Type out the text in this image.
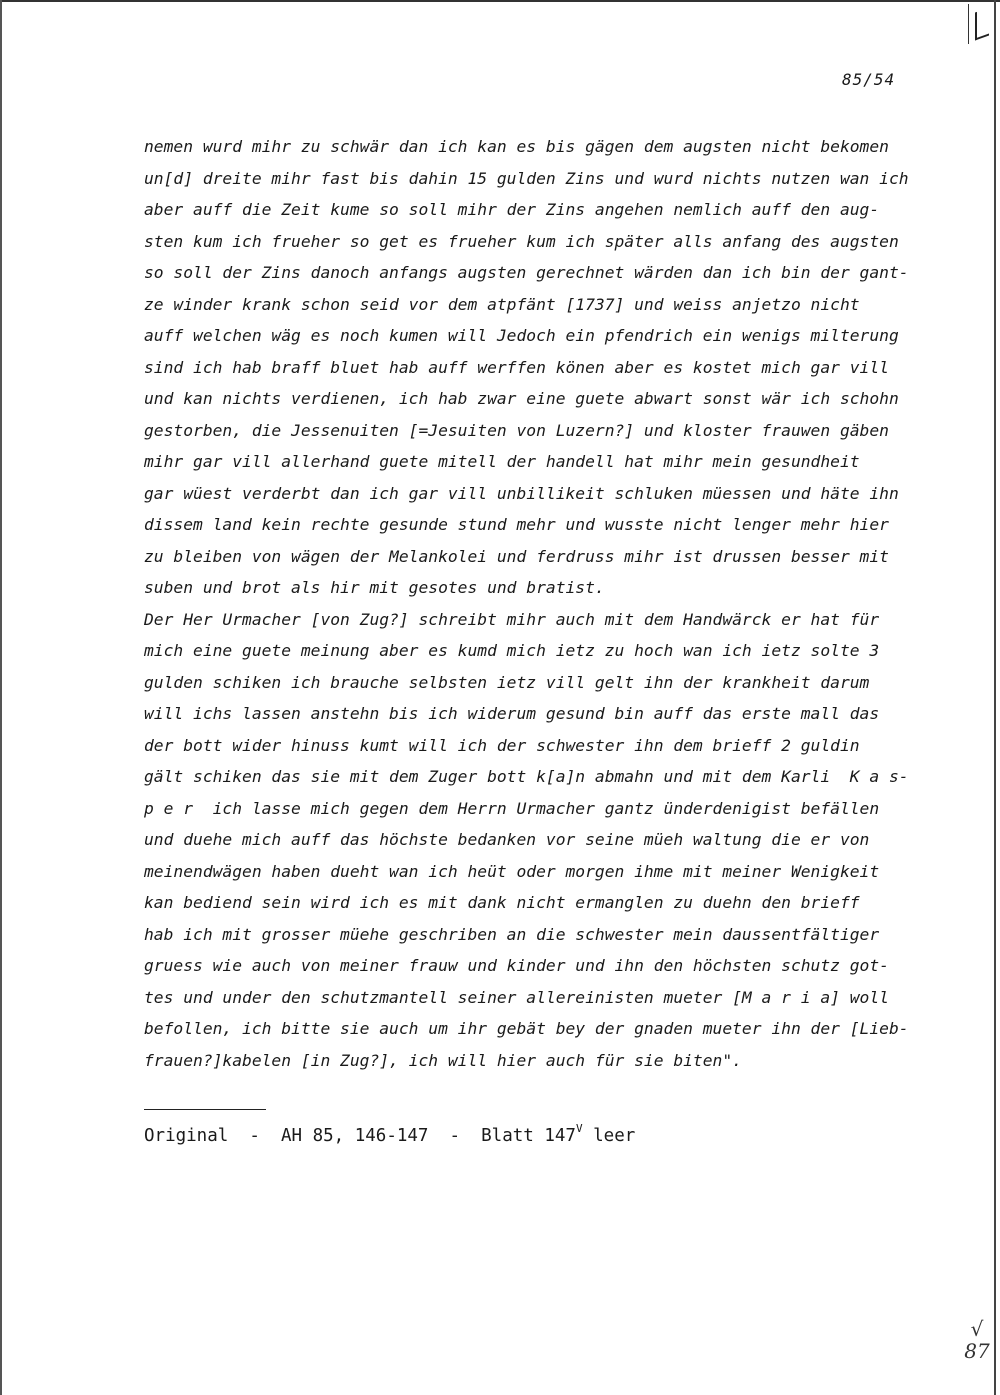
85/54
nemen wurd mihr zu schwär dan ich kan es bis gägen dem augsten nicht bekomen
un[d] dreite mihr fast bis dahin 15 gulden Zins und wurd nichts nutzen wan ich
aber auff die Zeit kume so soll mihr der Zins angehen nemlich auff den aug-
sten kum ich frueher so get es frueher kum ich später alls anfang des augsten
so soll der Zins danoch anfangs augsten gerechnet wärden dan ich bin der gant-
ze winder krank schon seid vor dem atpfänt [1737] und weiss anjetzo nicht
auff welchen wäg es noch kumen will Jedoch ein pfendrich ein wenigs milterung
sind ich hab braff bluet hab auff werffen könen aber es kostet mich gar vill
und kan nichts verdienen, ich hab zwar eine guete abwart sonst wär ich schohn
gestorben, die Jessenuiten [=Jesuiten von Luzern?] und kloster frauwen gäben
mihr gar vill allerhand guete mitell der handell hat mihr mein gesundheit
gar wüest verderbt dan ich gar vill unbillikeit schluken müessen und häte ihn
dissem land kein rechte gesunde stund mehr und wusste nicht lenger mehr hier
zu bleiben von wägen der Melankolei und ferdruss mihr ist drussen besser mit
suben und brot als hir mit gesotes und bratist.
Der Her Urmacher [von Zug?] schreibt mihr auch mit dem Handwärck er hat für
mich eine guete meinung aber es kumd mich ietz zu hoch wan ich ietz solte 3
gulden schiken ich brauche selbsten ietz vill gelt ihn der krankheit darum
will ichs lassen anstehn bis ich widerum gesund bin auff das erste mall das
der bott wider hinuss kumt will ich der schwester ihn dem brieff 2 guldin
gält schiken das sie mit dem Zuger bott k[a]n abmahn und mit dem Karli  K a s-
p e r  ich lasse mich gegen dem Herrn Urmacher gantz ünderdenigist befällen
und duehe mich auff das höchste bedanken vor seine müeh waltung die er von
meinendwägen haben dueht wan ich heüt oder morgen ihme mit meiner Wenigkeit
kan bediend sein wird ich es mit dank nicht ermanglen zu duehn den brieff
hab ich mit grosser müehe geschriben an die schwester mein daussentfältiger
gruess wie auch von meiner frauw und kinder und ihn den höchsten schutz got-
tes und under den schutzmantell seiner allereinisten mueter [M a r i a] woll
befollen, ich bitte sie auch um ihr gebät bey der gnaden mueter ihn der [Lieb-
frauen?]kabelen [in Zug?], ich will hier auch für sie biten".
Original  -  AH 85, 146-147  -  Blatt $147^V$ leer
√
87
